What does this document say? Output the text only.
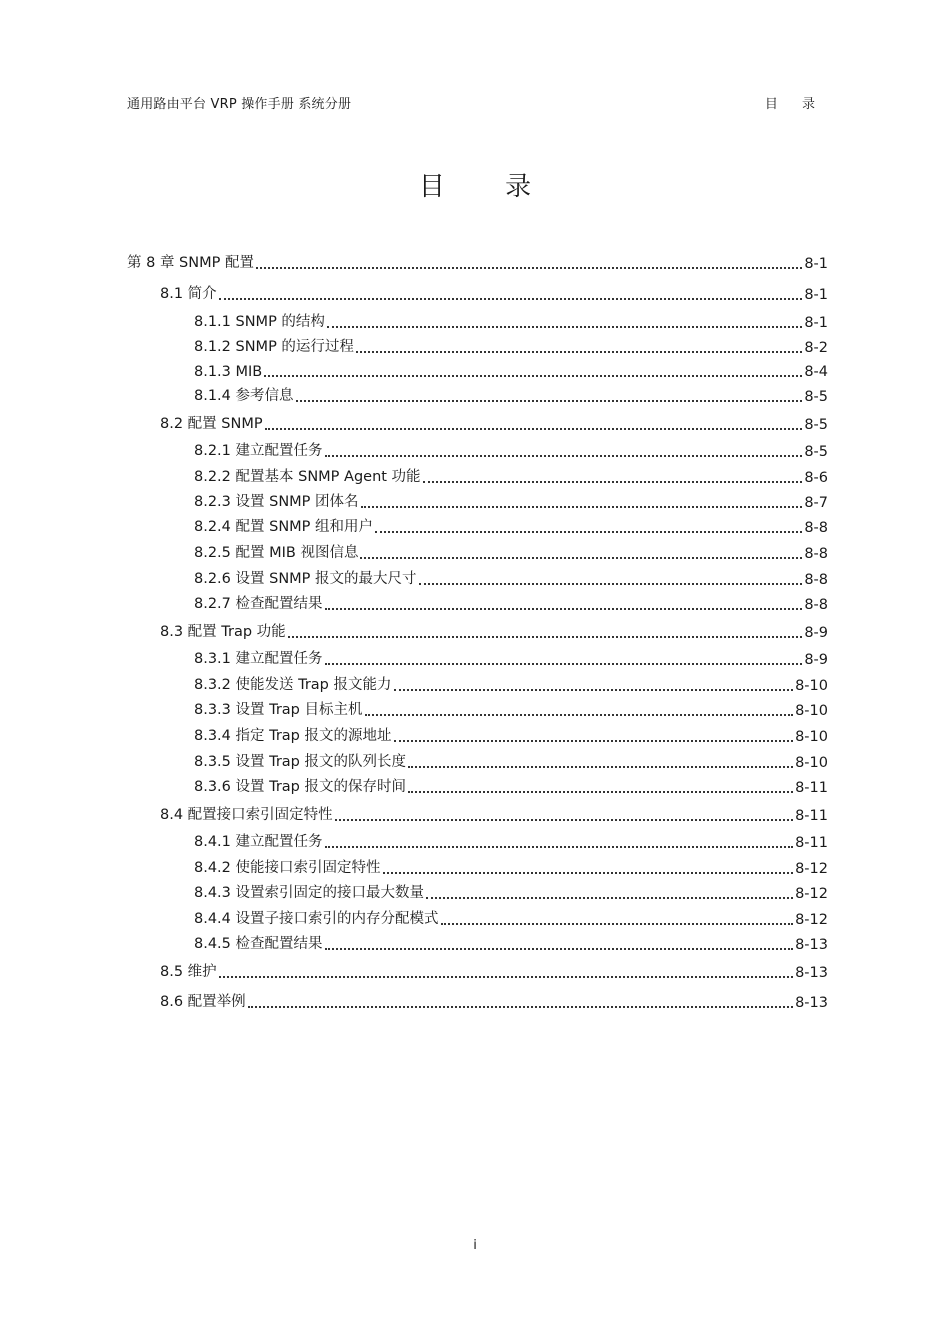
通用路由平台 VRP 操作手册 系统分册	目 录
目 录
第 8 章 SNMP 配置	8-1
8.1 简介	8-1
8.1.1 SNMP 的结构	8-1
8.1.2 SNMP 的运行过程	8-2
8.1.3 MIB	8-4
8.1.4 参考信息	8-5
8.2 配置 SNMP	8-5
8.2.1 建立配置任务	8-5
8.2.2 配置基本 SNMP Agent 功能	8-6
8.2.3 设置 SNMP 团体名	8-7
8.2.4 配置 SNMP 组和用户	8-8
8.2.5 配置 MIB 视图信息	8-8
8.2.6 设置 SNMP 报文的最大尺寸	8-8
8.2.7 检查配置结果	8-8
8.3 配置 Trap 功能	8-9
8.3.1 建立配置任务	8-9
8.3.2 使能发送 Trap 报文能力	8-10
8.3.3 设置 Trap 目标主机	8-10
8.3.4 指定 Trap 报文的源地址	8-10
8.3.5 设置 Trap 报文的队列长度	8-10
8.3.6 设置 Trap 报文的保存时间	8-11
8.4 配置接口索引固定特性	8-11
8.4.1 建立配置任务	8-11
8.4.2 使能接口索引固定特性	8-12
8.4.3 设置索引固定的接口最大数量	8-12
8.4.4 设置子接口索引的内存分配模式	8-12
8.4.5 检查配置结果	8-13
8.5 维护	8-13
8.6 配置举例	8-13
i
